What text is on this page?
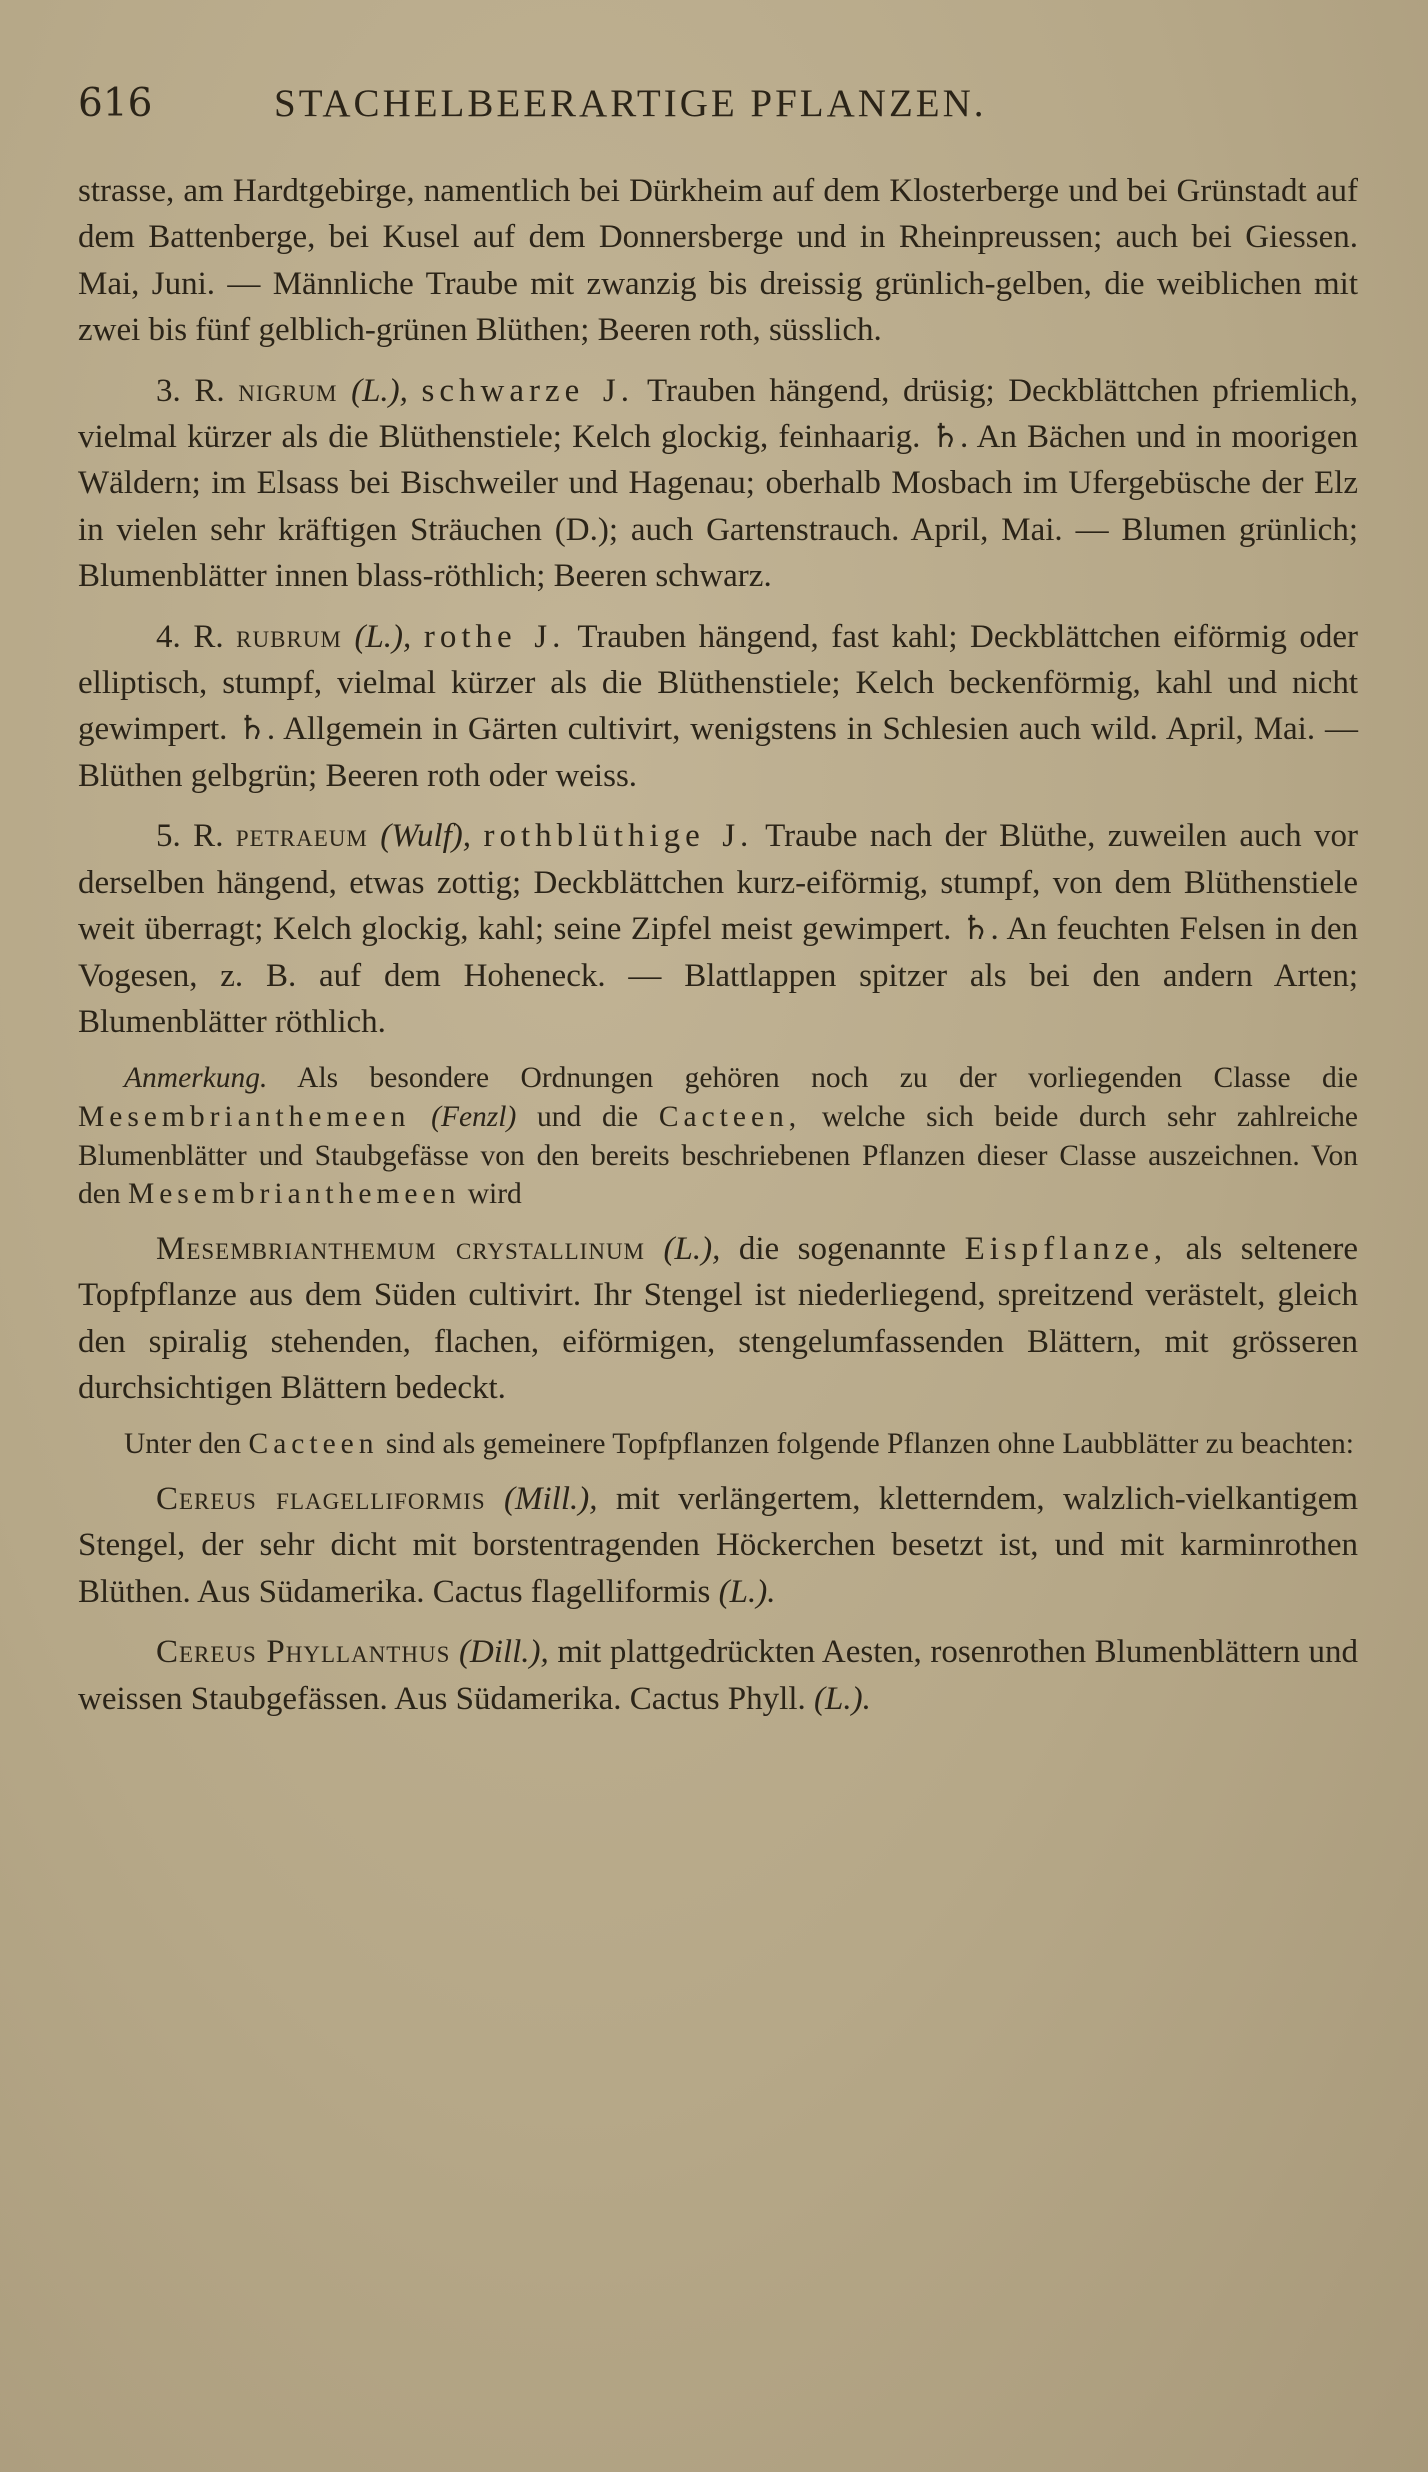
616	STACHELBEERARTIGE PFLANZEN.

strasse, am Hardtgebirge, namentlich bei Dürkheim auf dem Klosterberge und bei Grünstadt auf dem Battenberge, bei Kusel auf dem Donnersberge und in Rheinpreussen; auch bei Giessen. Mai, Juni. — Männliche Traube mit zwanzig bis dreissig grünlich-gelben, die weiblichen mit zwei bis fünf gelblich-grünen Blüthen; Beeren roth, süsslich.

3. R. nigrum (L.), schwarze J. Trauben hängend, drüsig; Deckblättchen pfriemlich, vielmal kürzer als die Blüthenstiele; Kelch glockig, feinhaarig. ♄. An Bächen und in moorigen Wäldern; im Elsass bei Bischweiler und Hagenau; oberhalb Mosbach im Ufergebüsche der Elz in vielen sehr kräftigen Sträuchen (D.); auch Gartenstrauch. April, Mai. — Blumen grünlich; Blumenblätter innen blass-röthlich; Beeren schwarz.

4. R. rubrum (L.), rothe J. Trauben hängend, fast kahl; Deckblättchen eiförmig oder elliptisch, stumpf, vielmal kürzer als die Blüthenstiele; Kelch beckenförmig, kahl und nicht gewimpert. ♄. Allgemein in Gärten cultivirt, wenigstens in Schlesien auch wild. April, Mai. — Blüthen gelbgrün; Beeren roth oder weiss.

5. R. petraeum (Wulf), rothblüthige J. Traube nach der Blüthe, zuweilen auch vor derselben hängend, etwas zottig; Deckblättchen kurz-eiförmig, stumpf, von dem Blüthenstiele weit überragt; Kelch glockig, kahl; seine Zipfel meist gewimpert. ♄. An feuchten Felsen in den Vogesen, z. B. auf dem Hoheneck. — Blattlappen spitzer als bei den andern Arten; Blumenblätter röthlich.

Anmerkung. Als besondere Ordnungen gehören noch zu der vorliegenden Classe die Mesembrianthemeen (Fenzl) und die Cacteen, welche sich beide durch sehr zahlreiche Blumenblätter und Staubgefässe von den bereits beschriebenen Pflanzen dieser Classe auszeichnen. Von den Mesembrianthemeen wird

Mesembrianthemum crystallinum (L.), die sogenannte Eispflanze, als seltenere Topfpflanze aus dem Süden cultivirt. Ihr Stengel ist niederliegend, spreitzend verästelt, gleich den spiralig stehenden, flachen, eiförmigen, stengelumfassenden Blättern, mit grösseren durchsichtigen Blättern bedeckt.

Unter den Cacteen sind als gemeinere Topfpflanzen folgende Pflanzen ohne Laubblätter zu beachten:

Cereus flagelliformis (Mill.), mit verlängertem, kletterndem, walzlich-vielkantigem Stengel, der sehr dicht mit borstentragenden Höckerchen besetzt ist, und mit karminrothen Blüthen. Aus Südamerika. Cactus flagelliformis (L.).

Cereus Phyllanthus (Dill.), mit plattgedrückten Aesten, rosenrothen Blumenblättern und weissen Staubgefässen. Aus Südamerika. Cactus Phyll. (L.).
